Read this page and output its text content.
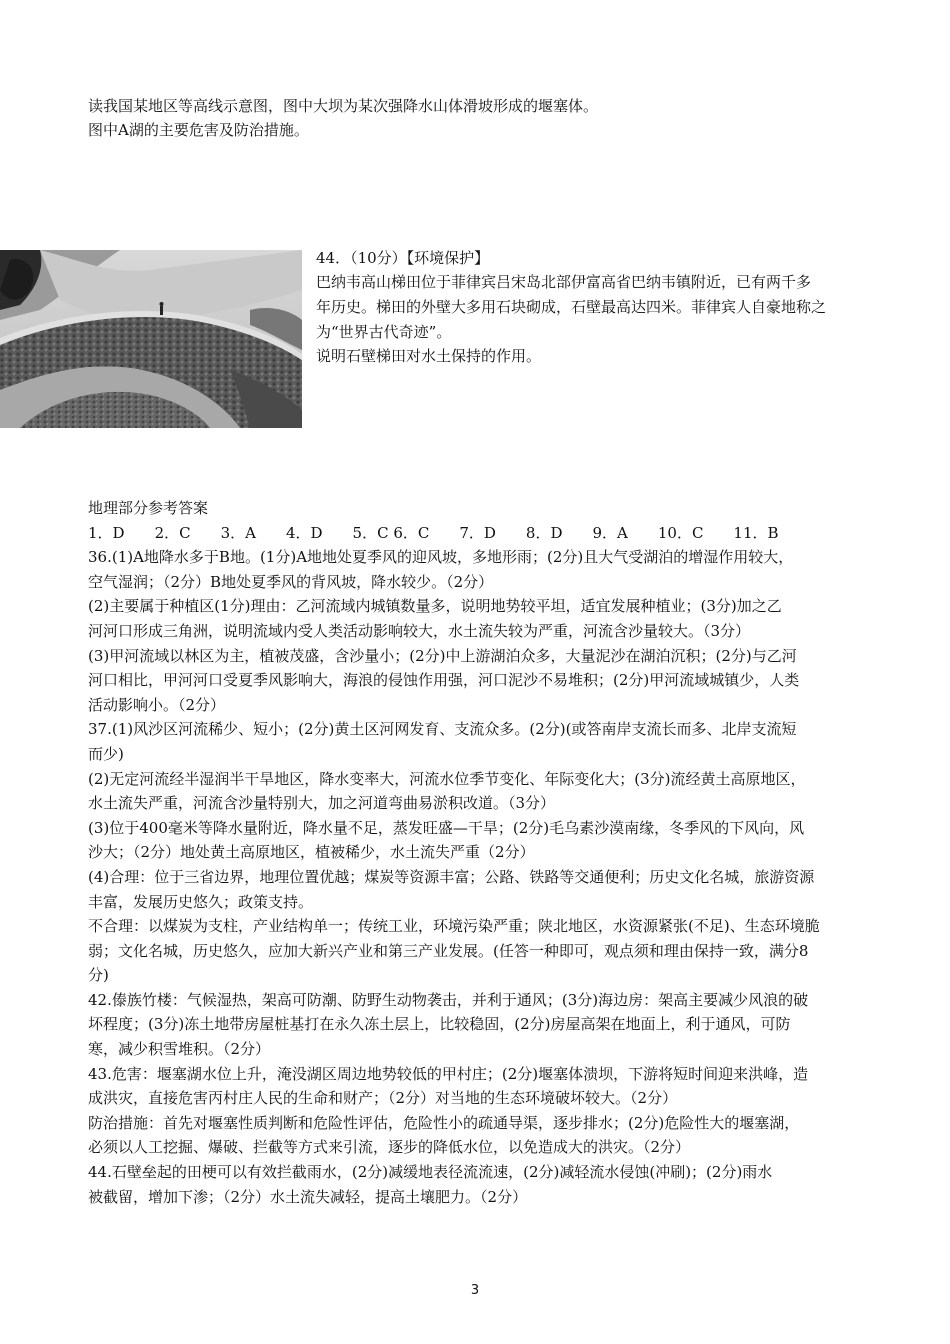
读我国某地区等高线示意图，图中大坝为某次强降水山体滑坡形成的堰塞体。
图中A湖的主要危害及防治措施。
44．（10分）【环境保护】
巴纳韦高山梯田位于菲律宾吕宋岛北部伊富高省巴纳韦镇附近，已有两千多
年历史。梯田的外壁大多用石块砌成，石壁最高达四米。菲律宾人自豪地称之
为“世界古代奇迹”。
说明石壁梯田对水土保持的作用。
地理部分参考答案
1．D　　2．C　　3．A　　4．D　　5．C 6．C　　7．D　　8．D　　9．A　　10．C　　11．B
36.(1)A地降水多于B地。(1分)A地地处夏季风的迎风坡，多地形雨；(2分)且大气受湖泊的增湿作用较大，
空气湿润；（2分）B地处夏季风的背风坡，降水较少。（2分）
(2)主要属于种植区(1分)理由：乙河流域内城镇数量多，说明地势较平坦，适宜发展种植业；(3分)加之乙
河河口形成三角洲，说明流域内受人类活动影响较大，水土流失较为严重，河流含沙量较大。（3分）
(3)甲河流域以林区为主，植被茂盛，含沙量小；(2分)中上游湖泊众多，大量泥沙在湖泊沉积；(2分)与乙河
河口相比，甲河河口受夏季风影响大，海浪的侵蚀作用强，河口泥沙不易堆积；(2分)甲河流域城镇少，人类
活动影响小。（2分）
37.(1)风沙区河流稀少、短小；(2分)黄土区河网发育、支流众多。(2分)(或答南岸支流长而多、北岸支流短
而少)
(2)无定河流经半湿润半干旱地区，降水变率大，河流水位季节变化、年际变化大；(3分)流经黄土高原地区，
水土流失严重，河流含沙量特别大，加之河道弯曲易淤积改道。（3分）
(3)位于400毫米等降水量附近，降水量不足，蒸发旺盛—干旱；(2分)毛乌素沙漠南缘，冬季风的下风向，风
沙大；（2分）地处黄土高原地区，植被稀少，水土流失严重（2分）
(4)合理：位于三省边界，地理位置优越；煤炭等资源丰富；公路、铁路等交通便利；历史文化名城，旅游资源
丰富，发展历史悠久；政策支持。
不合理：以煤炭为支柱，产业结构单一；传统工业，环境污染严重；陕北地区，水资源紧张(不足)、生态环境脆
弱；文化名城，历史悠久，应加大新兴产业和第三产业发展。(任答一种即可，观点须和理由保持一致，满分8
分)
42.傣族竹楼：气候湿热，架高可防潮、防野生动物袭击，并利于通风；(3分)海边房：架高主要减少风浪的破
坏程度；(3分)冻土地带房屋桩基打在永久冻土层上，比较稳固，(2分)房屋高架在地面上，利于通风，可防
寒，减少积雪堆积。（2分）
43.危害：堰塞湖水位上升，淹没湖区周边地势较低的甲村庄；(2分)堰塞体溃坝，下游将短时间迎来洪峰，造
成洪灾，直接危害丙村庄人民的生命和财产；（2分）对当地的生态环境破坏较大。（2分）
防治措施：首先对堰塞性质判断和危险性评估，危险性小的疏通导渠，逐步排水；(2分)危险性大的堰塞湖，
必须以人工挖掘、爆破、拦截等方式来引流，逐步的降低水位，以免造成大的洪灾。（2分）
44.石壁垒起的田梗可以有效拦截雨水，(2分)减缓地表径流流速，(2分)减轻流水侵蚀(冲刷)；(2分)雨水
被截留，增加下渗；（2分）水土流失减轻，提高土壤肥力。（2分）
3
